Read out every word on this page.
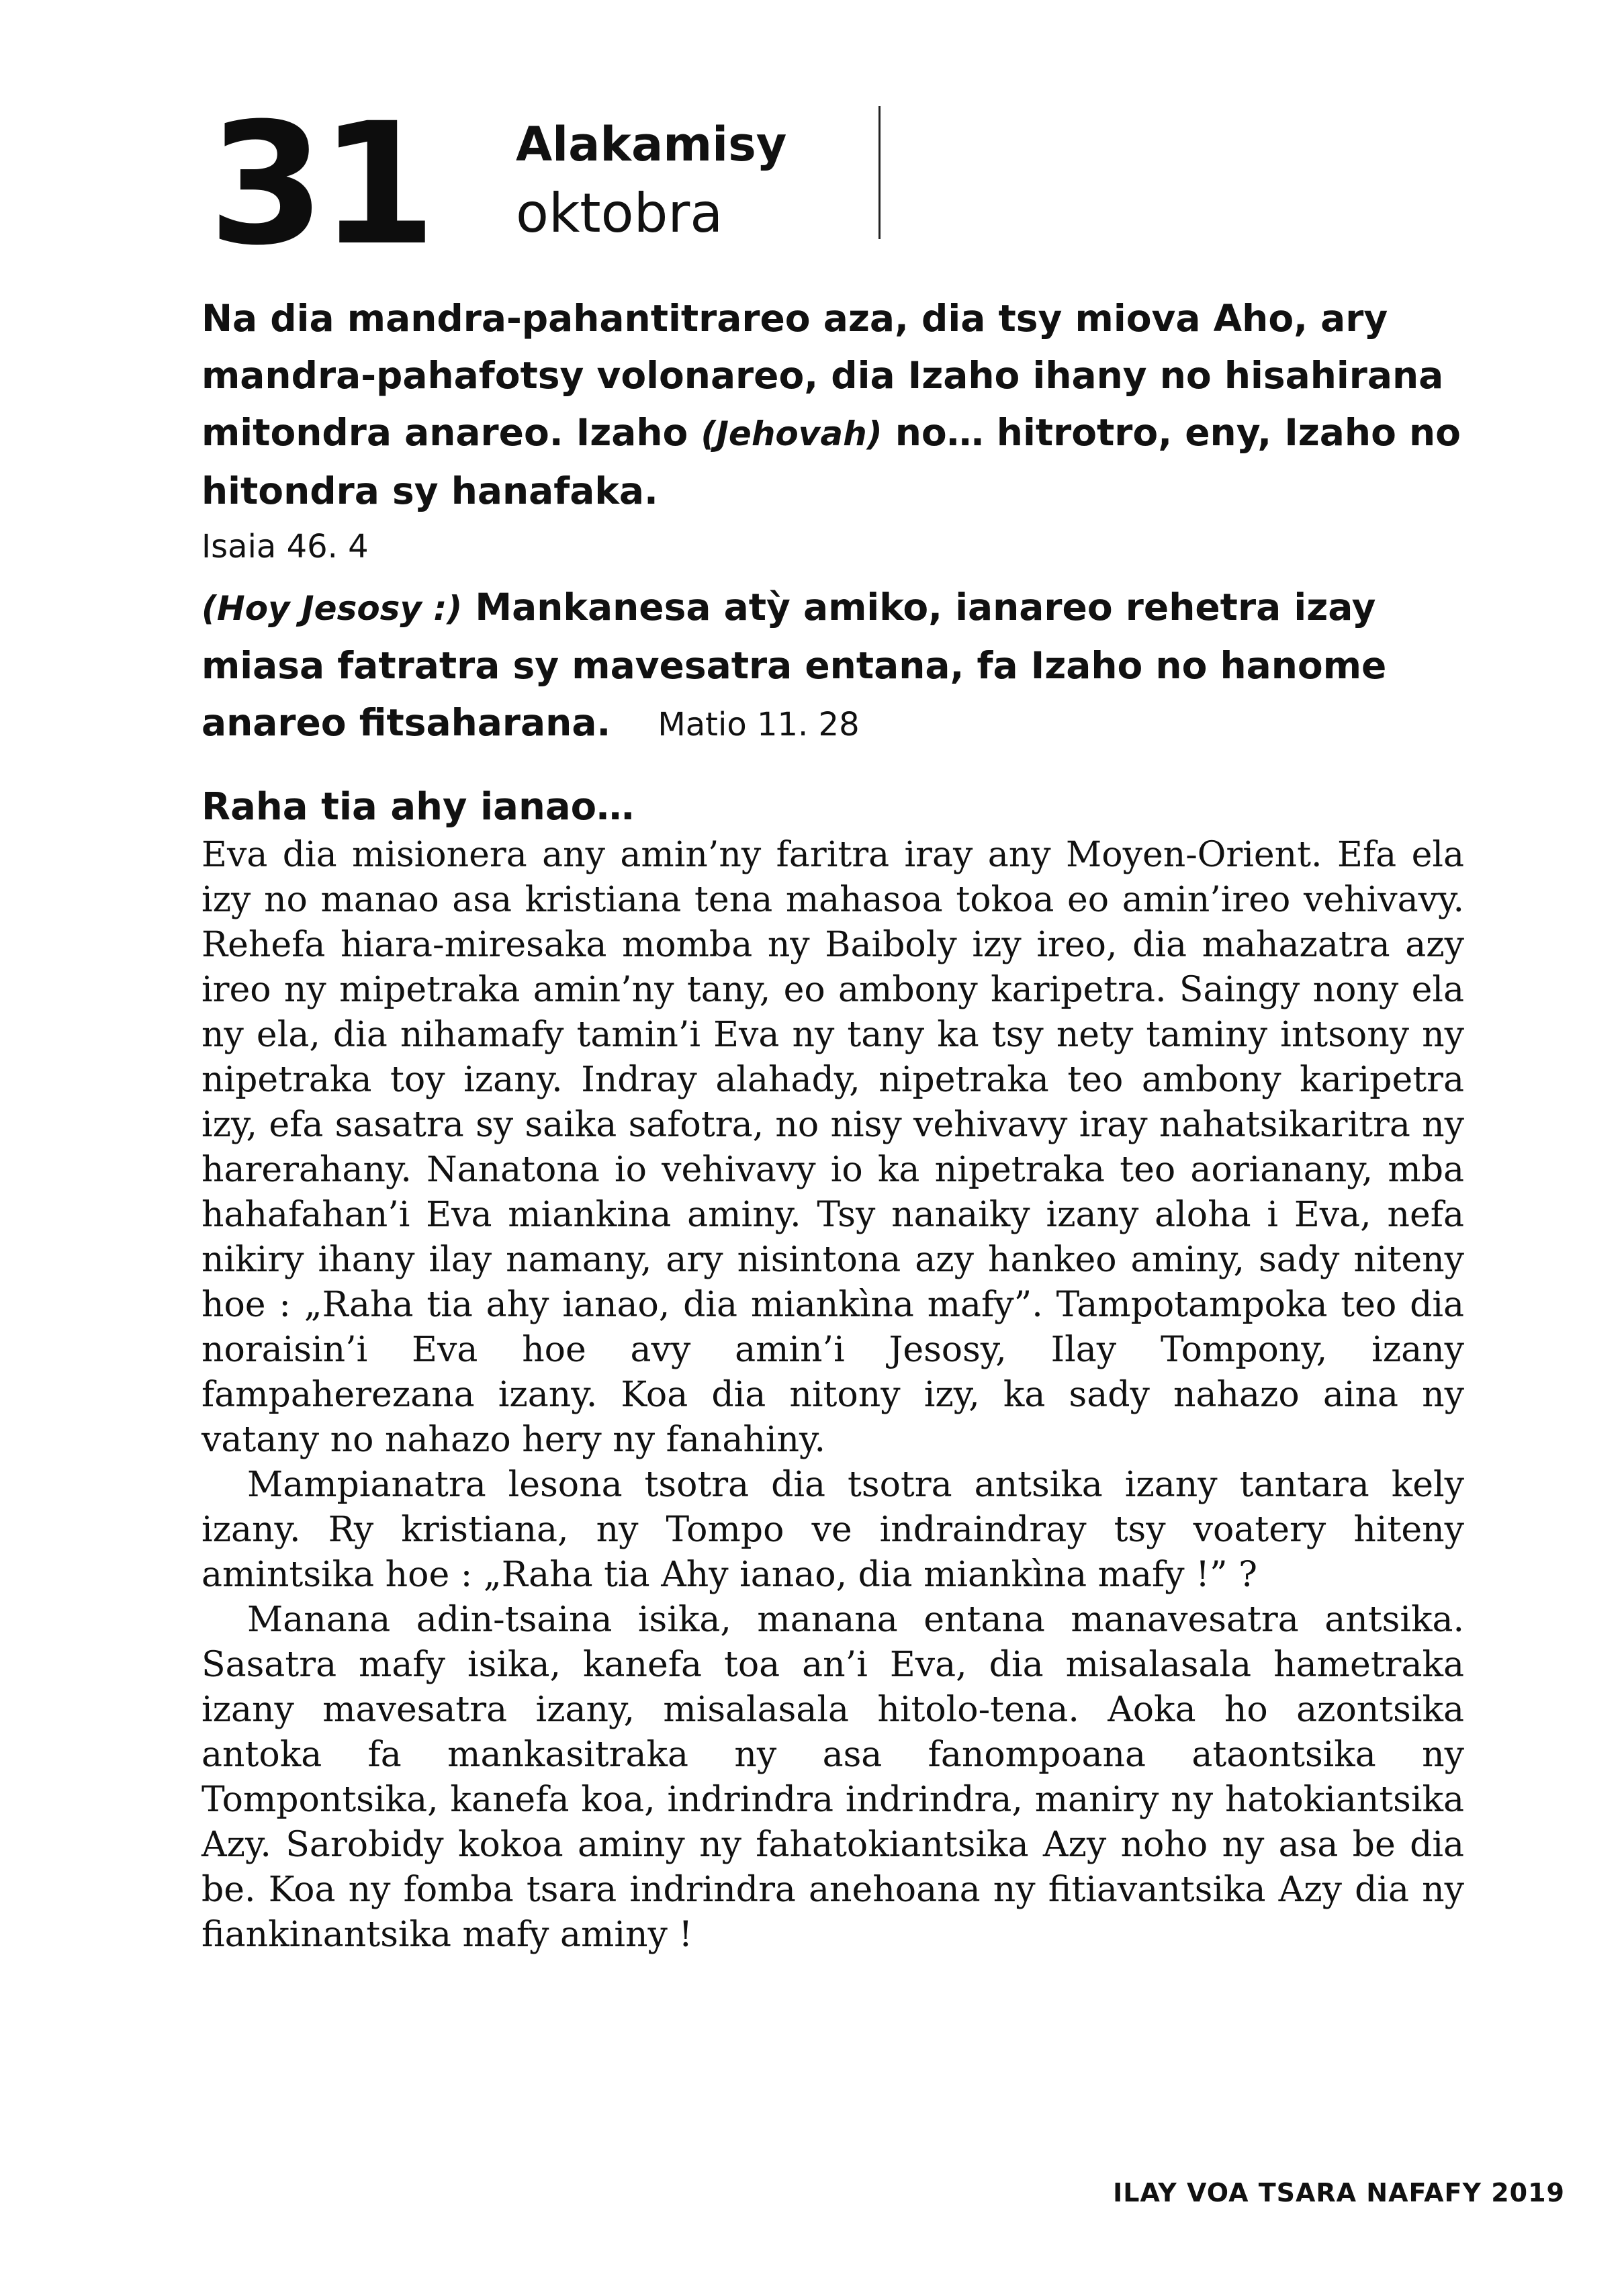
31 Alakamisy
oktobra

Na dia mandra-pahantitrareo aza, dia tsy miova Aho, ary mandra-pahafotsy volonareo, dia Izaho ihany no hisahirana mitondra anareo. Izaho (Jehovah) no… hitrotro, eny, Izaho no hitondra sy hanafaka.
Isaia 46. 4

(Hoy Jesosy :) Mankanesa atỳ amiko, ianareo rehetra izay miasa fatratra sy mavesatra entana, fa Izaho no hanome anareo fitsaharana. Matio 11. 28

Raha tia ahy ianao…

Eva dia misionera any amin’ny faritra iray any Moyen-Orient. Efa ela izy no manao asa kristiana tena mahasoa tokoa eo amin’ireo vehivavy. Rehefa hiara-miresaka momba ny Baiboly izy ireo, dia mahazatra azy ireo ny mipetraka amin’ny tany, eo ambony karipetra. Saingy nony ela ny ela, dia nihamafy tamin’i Eva ny tany ka tsy nety taminy intsony ny nipetraka toy izany. Indray alahady, nipetraka teo ambony karipetra izy, efa sasatra sy saika safotra, no nisy vehivavy iray nahatsikaritra ny harerahany. Nanatona io vehivavy io ka nipetraka teo aorianany, mba hahafahan’i Eva miankina aminy. Tsy nanaiky izany aloha i Eva, nefa nikiry ihany ilay namany, ary nisintona azy hankeo aminy, sady niteny hoe : „Raha tia ahy ianao, dia miankìna mafy”. Tampotampoka teo dia noraisin’i Eva hoe avy amin’i Jesosy, Ilay Tompony, izany fampaherezana izany. Koa dia nitony izy, ka sady nahazo aina ny vatany no nahazo hery ny fanahiny.

Mampianatra lesona tsotra dia tsotra antsika izany tantara kely izany. Ry kristiana, ny Tompo ve indraindray tsy voatery hiteny amintsika hoe : „Raha tia Ahy ianao, dia miankìna mafy !” ?

Manana adin-tsaina isika, manana entana manavesatra antsika. Sasatra mafy isika, kanefa toa an’i Eva, dia misalasala hametraka izany mavesatra izany, misalasala hitolo-tena. Aoka ho azontsika antoka fa mankasitraka ny asa fanompoana ataontsika ny Tompontsika, kanefa koa, indrindra indrindra, maniry ny hatokiantsika Azy. Sarobidy kokoa aminy ny fahatokiantsika Azy noho ny asa be dia be. Koa ny fomba tsara indrindra anehoana ny fitiavantsika Azy dia ny fiankinantsika mafy aminy !

ILAY VOA TSARA NAFAFY 2019
